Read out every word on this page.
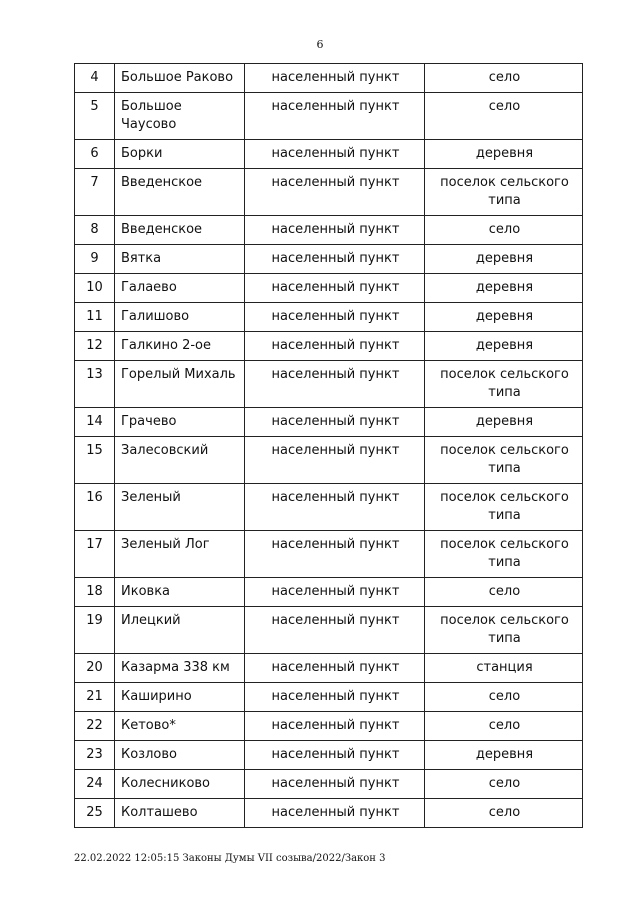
6
4	Большое Раково	населенный пункт	село
5	Большое Чаусово	населенный пункт	село
6	Борки	населенный пункт	деревня
7	Введенское	населенный пункт	поселок сельского типа
8	Введенское	населенный пункт	село
9	Вятка	населенный пункт	деревня
10	Галаево	населенный пункт	деревня
11	Галишово	населенный пункт	деревня
12	Галкино 2-ое	населенный пункт	деревня
13	Горелый Михаль	населенный пункт	поселок сельского типа
14	Грачево	населенный пункт	деревня
15	Залесовский	населенный пункт	поселок сельского типа
16	Зеленый	населенный пункт	поселок сельского типа
17	Зеленый Лог	населенный пункт	поселок сельского типа
18	Иковка	населенный пункт	село
19	Илецкий	населенный пункт	поселок сельского типа
20	Казарма 338 км	населенный пункт	станция
21	Каширино	населенный пункт	село
22	Кетово*	населенный пункт	село
23	Козлово	населенный пункт	деревня
24	Колесниково	населенный пункт	село
25	Колташево	населенный пункт	село
22.02.2022 12:05:15 Законы Думы VII созыва/2022/Закон 3
